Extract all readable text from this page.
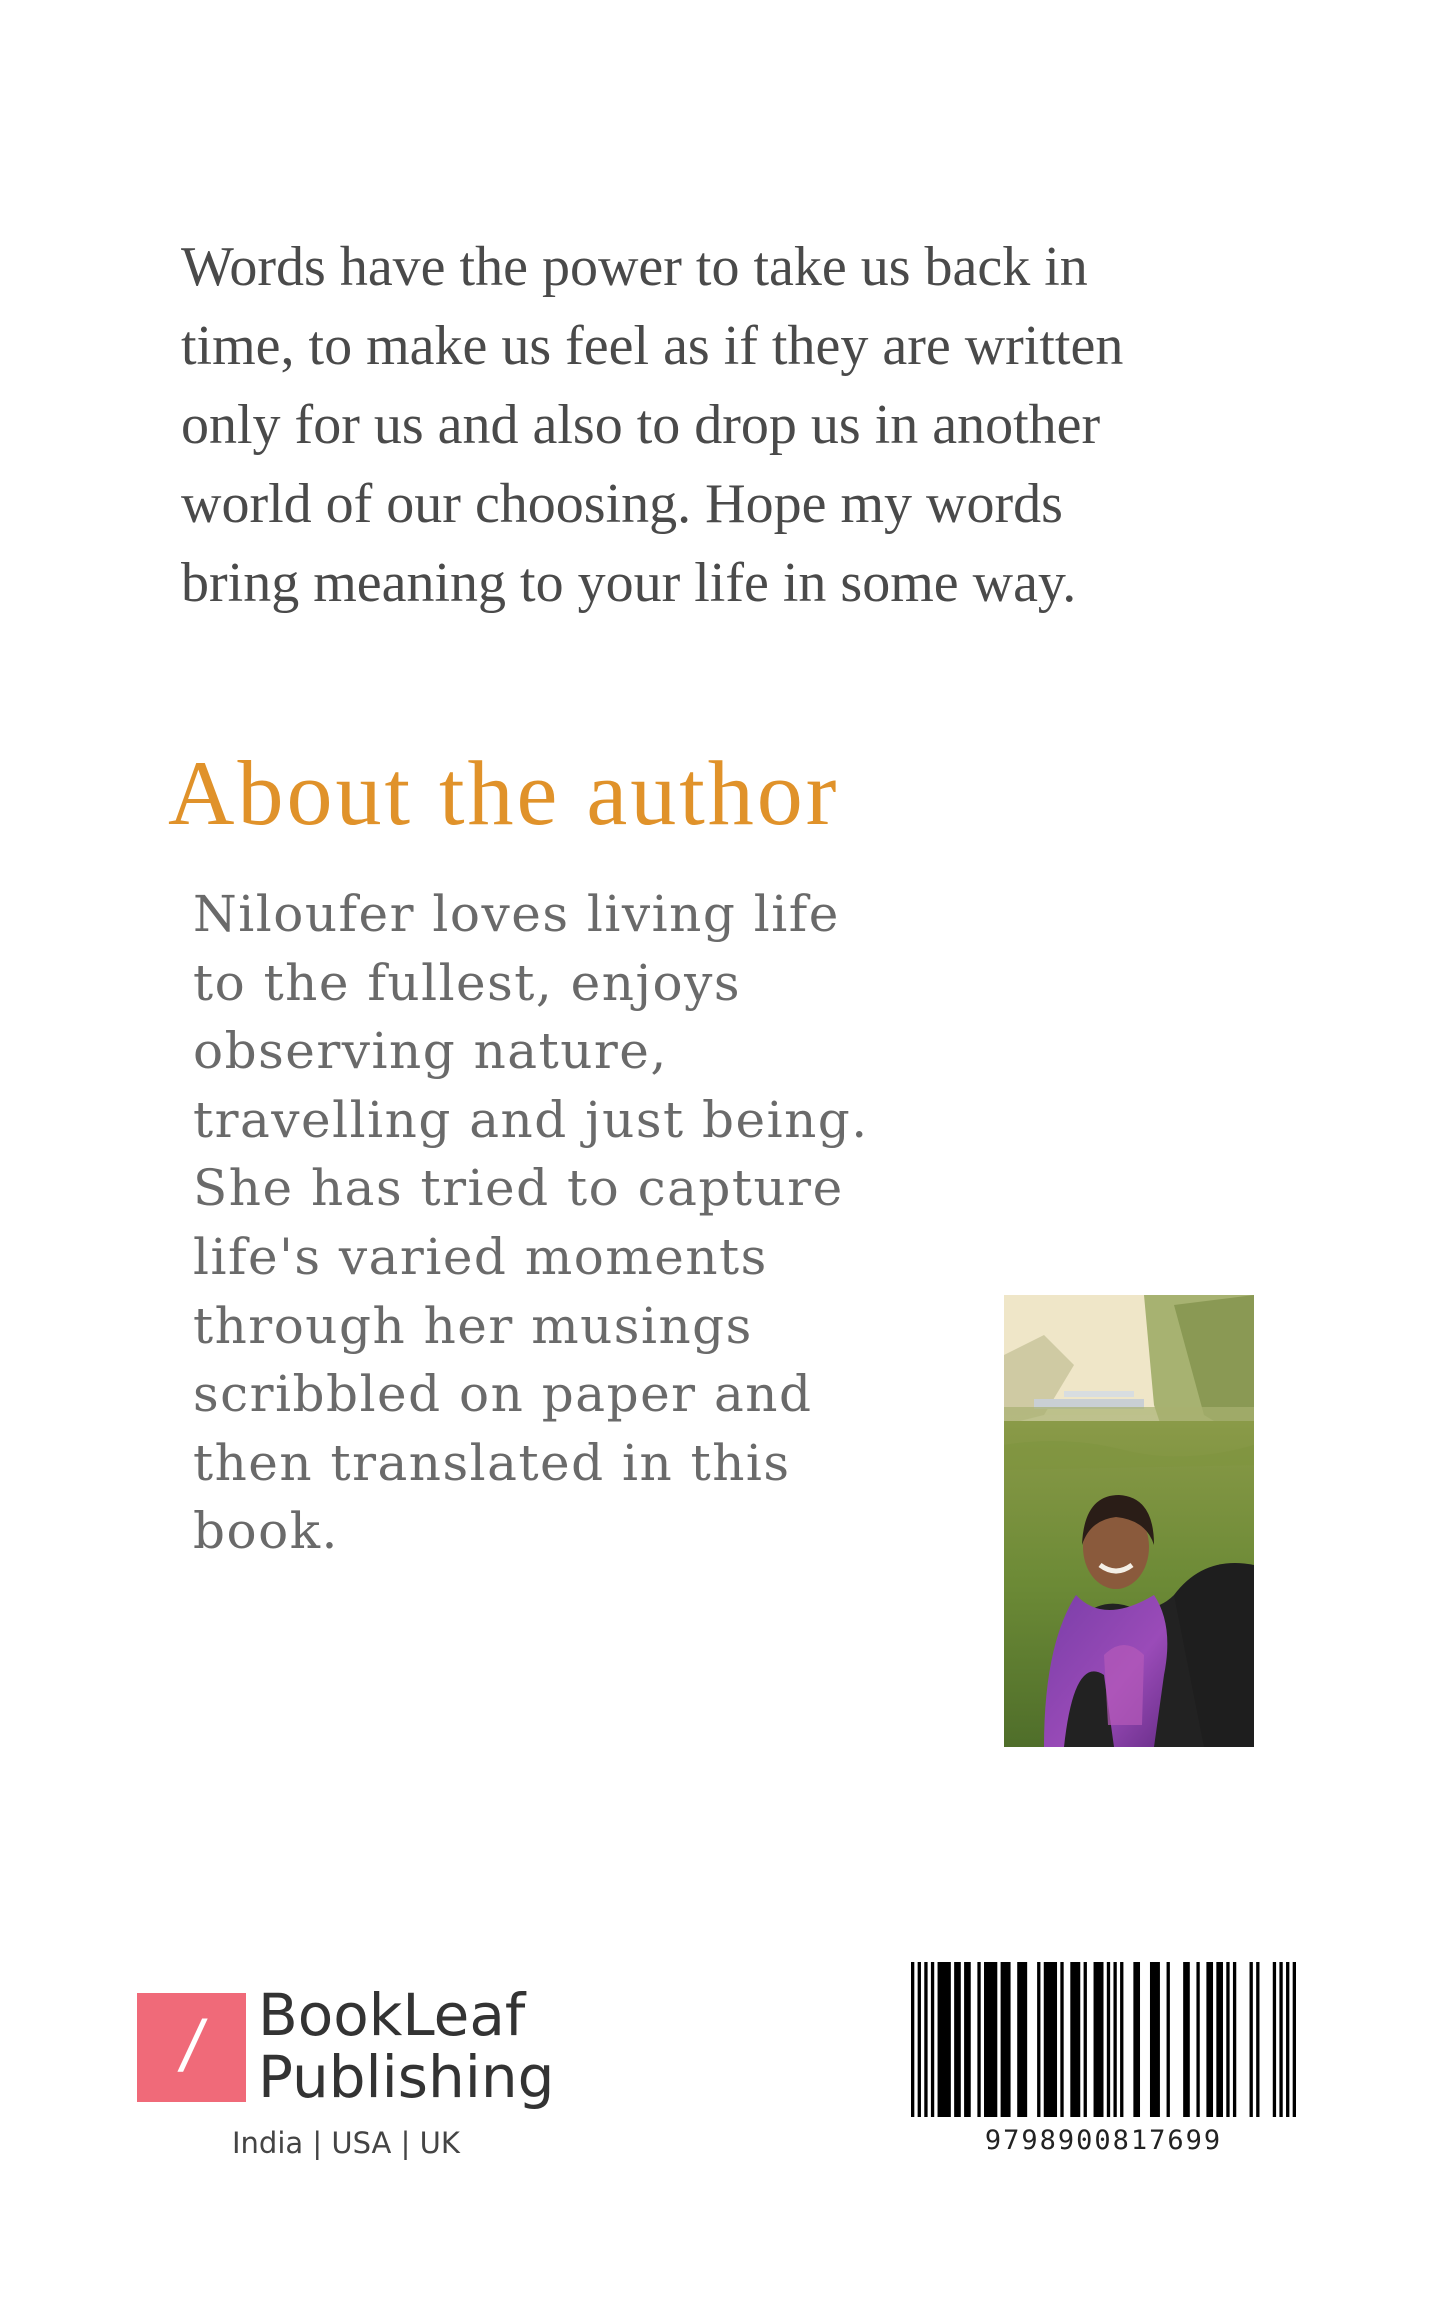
Words have the power to take us back in
time, to make us feel as if they are written
only for us and also to drop us in another
world of our choosing. Hope my words
bring meaning to your life in some way.
About the author
Niloufer loves living life
to the fullest, enjoys
observing nature,
travelling and just being.
She has tried to capture
life's varied moments
through her musings
scribbled on paper and
then translated in this
book.
/ BookLeaf
Publishing
India | USA | UK	9798900817699
